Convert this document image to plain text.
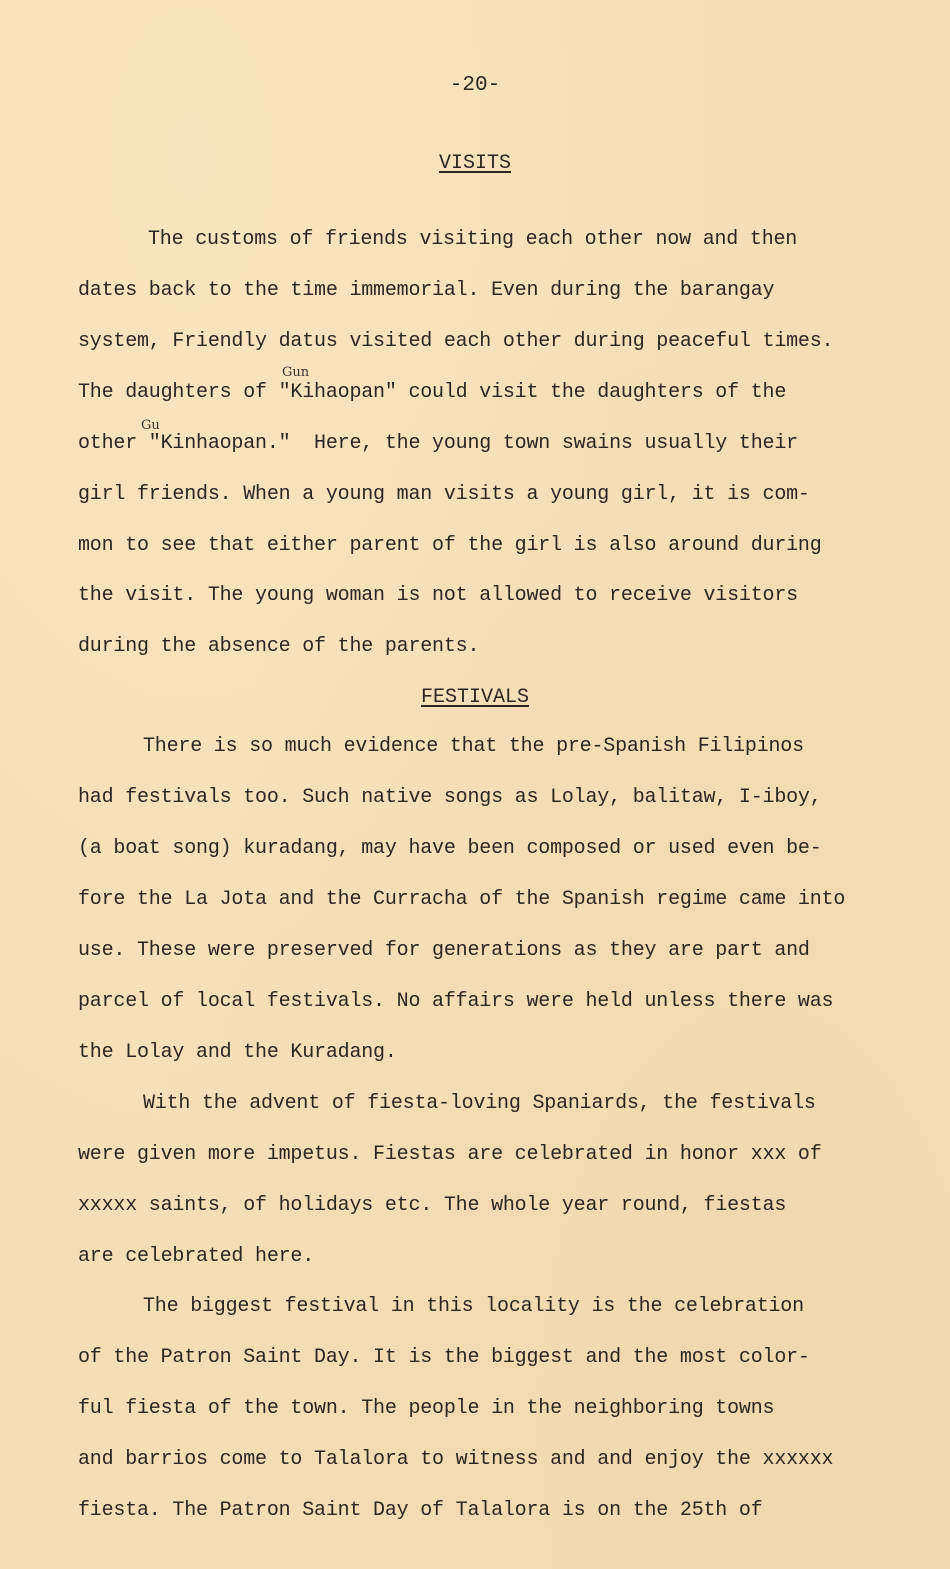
-20-
VISITS
The customs of friends visiting each other now and then
dates back to the time immemorial. Even during the barangay
system, Friendly datus visited each other during peaceful times.
The daughters of "Kihaopan" could visit the daughters of the
other "Kinhaopan."  Here, the young town swains usually their
girl friends. When a young man visits a young girl, it is com-
mon to see that either parent of the girl is also around during
the visit. The young woman is not allowed to receive visitors
during the absence of the parents.
Gun
Gu
FESTIVALS
There is so much evidence that the pre-Spanish Filipinos
had festivals too. Such native songs as Lolay, balitaw, I-iboy,
(a boat song) kuradang, may have been composed or used even be-
fore the La Jota and the Curracha of the Spanish regime came into
use. These were preserved for generations as they are part and
parcel of local festivals. No affairs were held unless there was
the Lolay and the Kuradang.
With the advent of fiesta-loving Spaniards, the festivals
were given more impetus. Fiestas are celebrated in honor xxx of
xxxxx saints, of holidays etc. The whole year round, fiestas
are celebrated here.
The biggest festival in this locality is the celebration
of the Patron Saint Day. It is the biggest and the most color-
ful fiesta of the town. The people in the neighboring towns
and barrios come to Talalora to witness and and enjoy the xxxxxx
fiesta. The Patron Saint Day of Talalora is on the 25th of
